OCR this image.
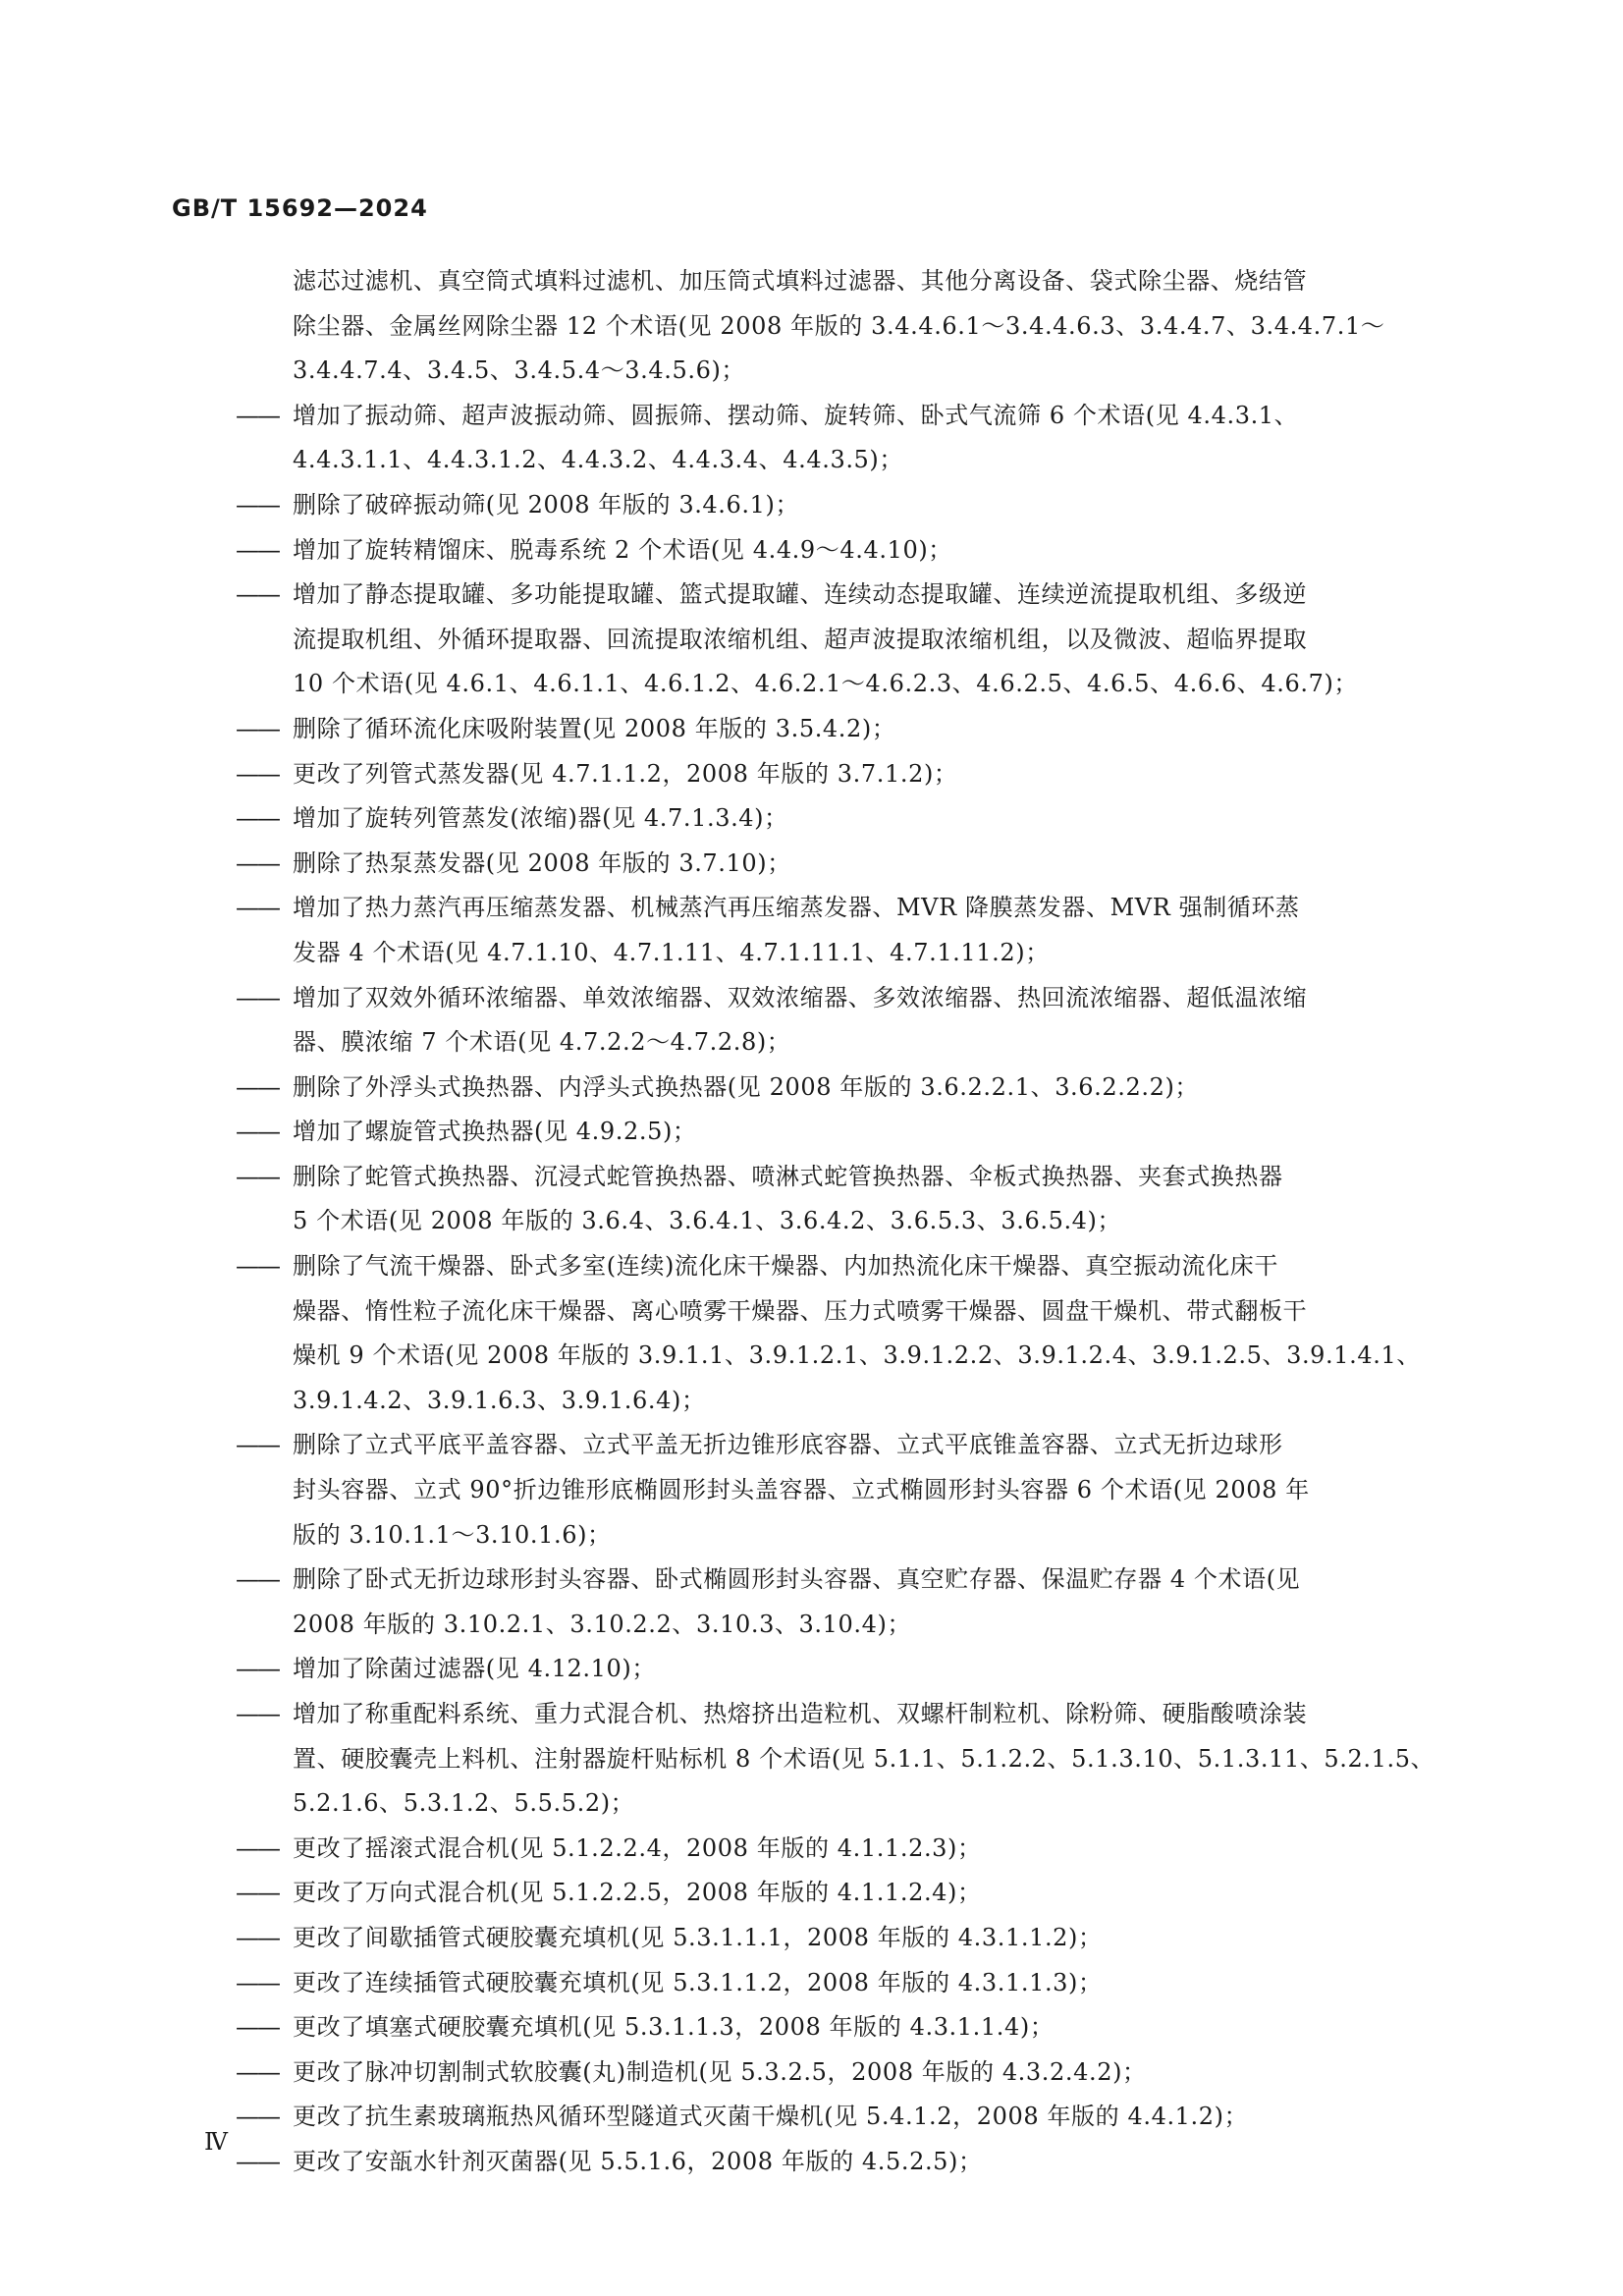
GB/T 15692—2024
滤芯过滤机、真空筒式填料过滤机、加压筒式填料过滤器、其他分离设备、袋式除尘器、烧结管
除尘器、金属丝网除尘器 12 个术语(见 2008 年版的 3.4.4.6.1～3.4.4.6.3、3.4.4.7、3.4.4.7.1～
3.4.4.7.4、3.4.5、3.4.5.4～3.4.5.6)；
—— 增加了振动筛、超声波振动筛、圆振筛、摆动筛、旋转筛、卧式气流筛 6 个术语(见 4.4.3.1、
4.4.3.1.1、4.4.3.1.2、4.4.3.2、4.4.3.4、4.4.3.5)；
—— 删除了破碎振动筛(见 2008 年版的 3.4.6.1)；
—— 增加了旋转精馏床、脱毒系统 2 个术语(见 4.4.9～4.4.10)；
—— 增加了静态提取罐、多功能提取罐、篮式提取罐、连续动态提取罐、连续逆流提取机组、多级逆
流提取机组、外循环提取器、回流提取浓缩机组、超声波提取浓缩机组，以及微波、超临界提取
10 个术语(见 4.6.1、4.6.1.1、4.6.1.2、4.6.2.1～4.6.2.3、4.6.2.5、4.6.5、4.6.6、4.6.7)；
—— 删除了循环流化床吸附装置(见 2008 年版的 3.5.4.2)；
—— 更改了列管式蒸发器(见 4.7.1.1.2，2008 年版的 3.7.1.2)；
—— 增加了旋转列管蒸发(浓缩)器(见 4.7.1.3.4)；
—— 删除了热泵蒸发器(见 2008 年版的 3.7.10)；
—— 增加了热力蒸汽再压缩蒸发器、机械蒸汽再压缩蒸发器、MVR 降膜蒸发器、MVR 强制循环蒸
发器 4 个术语(见 4.7.1.10、4.7.1.11、4.7.1.11.1、4.7.1.11.2)；
—— 增加了双效外循环浓缩器、单效浓缩器、双效浓缩器、多效浓缩器、热回流浓缩器、超低温浓缩
器、膜浓缩 7 个术语(见 4.7.2.2～4.7.2.8)；
—— 删除了外浮头式换热器、内浮头式换热器(见 2008 年版的 3.6.2.2.1、3.6.2.2.2)；
—— 增加了螺旋管式换热器(见 4.9.2.5)；
—— 删除了蛇管式换热器、沉浸式蛇管换热器、喷淋式蛇管换热器、伞板式换热器、夹套式换热器
5 个术语(见 2008 年版的 3.6.4、3.6.4.1、3.6.4.2、3.6.5.3、3.6.5.4)；
—— 删除了气流干燥器、卧式多室(连续)流化床干燥器、内加热流化床干燥器、真空振动流化床干
燥器、惰性粒子流化床干燥器、离心喷雾干燥器、压力式喷雾干燥器、圆盘干燥机、带式翻板干
燥机 9 个术语(见 2008 年版的 3.9.1.1、3.9.1.2.1、3.9.1.2.2、3.9.1.2.4、3.9.1.2.5、3.9.1.4.1、
3.9.1.4.2、3.9.1.6.3、3.9.1.6.4)；
—— 删除了立式平底平盖容器、立式平盖无折边锥形底容器、立式平底锥盖容器、立式无折边球形
封头容器、立式 90°折边锥形底椭圆形封头盖容器、立式椭圆形封头容器 6 个术语(见 2008 年
版的 3.10.1.1～3.10.1.6)；
—— 删除了卧式无折边球形封头容器、卧式椭圆形封头容器、真空贮存器、保温贮存器 4 个术语(见
2008 年版的 3.10.2.1、3.10.2.2、3.10.3、3.10.4)；
—— 增加了除菌过滤器(见 4.12.10)；
—— 增加了称重配料系统、重力式混合机、热熔挤出造粒机、双螺杆制粒机、除粉筛、硬脂酸喷涂装
置、硬胶囊壳上料机、注射器旋杆贴标机 8 个术语(见 5.1.1、5.1.2.2、5.1.3.10、5.1.3.11、5.2.1.5、
5.2.1.6、5.3.1.2、5.5.5.2)；
—— 更改了摇滚式混合机(见 5.1.2.2.4，2008 年版的 4.1.1.2.3)；
—— 更改了万向式混合机(见 5.1.2.2.5，2008 年版的 4.1.1.2.4)；
—— 更改了间歇插管式硬胶囊充填机(见 5.3.1.1.1，2008 年版的 4.3.1.1.2)；
—— 更改了连续插管式硬胶囊充填机(见 5.3.1.1.2，2008 年版的 4.3.1.1.3)；
—— 更改了填塞式硬胶囊充填机(见 5.3.1.1.3，2008 年版的 4.3.1.1.4)；
—— 更改了脉冲切割制式软胶囊(丸)制造机(见 5.3.2.5，2008 年版的 4.3.2.4.2)；
—— 更改了抗生素玻璃瓶热风循环型隧道式灭菌干燥机(见 5.4.1.2，2008 年版的 4.4.1.2)；
—— 更改了安瓿水针剂灭菌器(见 5.5.1.6，2008 年版的 4.5.2.5)；
Ⅳ
